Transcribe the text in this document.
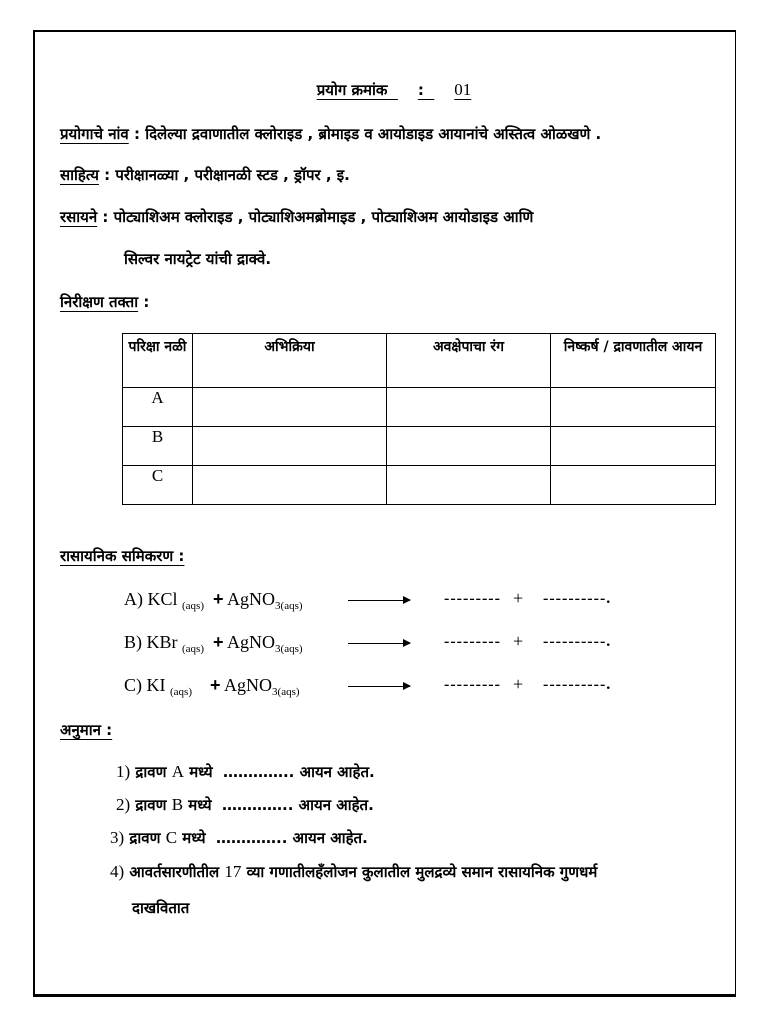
प्रयोग क्रमांक : 01
प्रयोगाचे नांव : दिलेल्या द्रवाणातील क्लोराइड , ब्रोमाइड व आयोडाइड आयानांचे अस्तित्व ओळखणे .
साहित्य : परीक्षानळ्या , परीक्षानळी स्टड , ड्रॉपर , इ.
रसायने : पोट्याशिअम क्लोराइड , पोट्याशिअमब्रोमाइड , पोट्याशिअम आयोडाइड आणि
सिल्वर नायट्रेट यांची द्राक्वे.
निरीक्षण तक्ता :
परिक्षा नळी	अभिक्रिया	अवक्षेपाचा रंग	निष्कर्ष / द्रावणातील आयन
A			
B			
C			
रासायनिक समिकरण :
A) KCl $_{(aqs)}$ + AgNO$_{3(aqs)}$	--------- + ----------.
B) KBr $_{(aqs)}$ + AgNO$_{3(aqs)}$	--------- + ----------.
C) KI $_{(aqs)}$ + AgNO$_{3(aqs)}$	--------- + ----------.
अनुमान :
1) द्रावण A मध्ये ………….. आयन आहेत.
2) द्रावण B मध्ये ………….. आयन आहेत.
3) द्रावण C मध्ये ………….. आयन आहेत.
4) आवर्तसारणीतील 17 व्या गणातीलहँलोजन कुलातील मुलद्रव्ये समान रासायनिक गुणधर्म
दाखवितात
